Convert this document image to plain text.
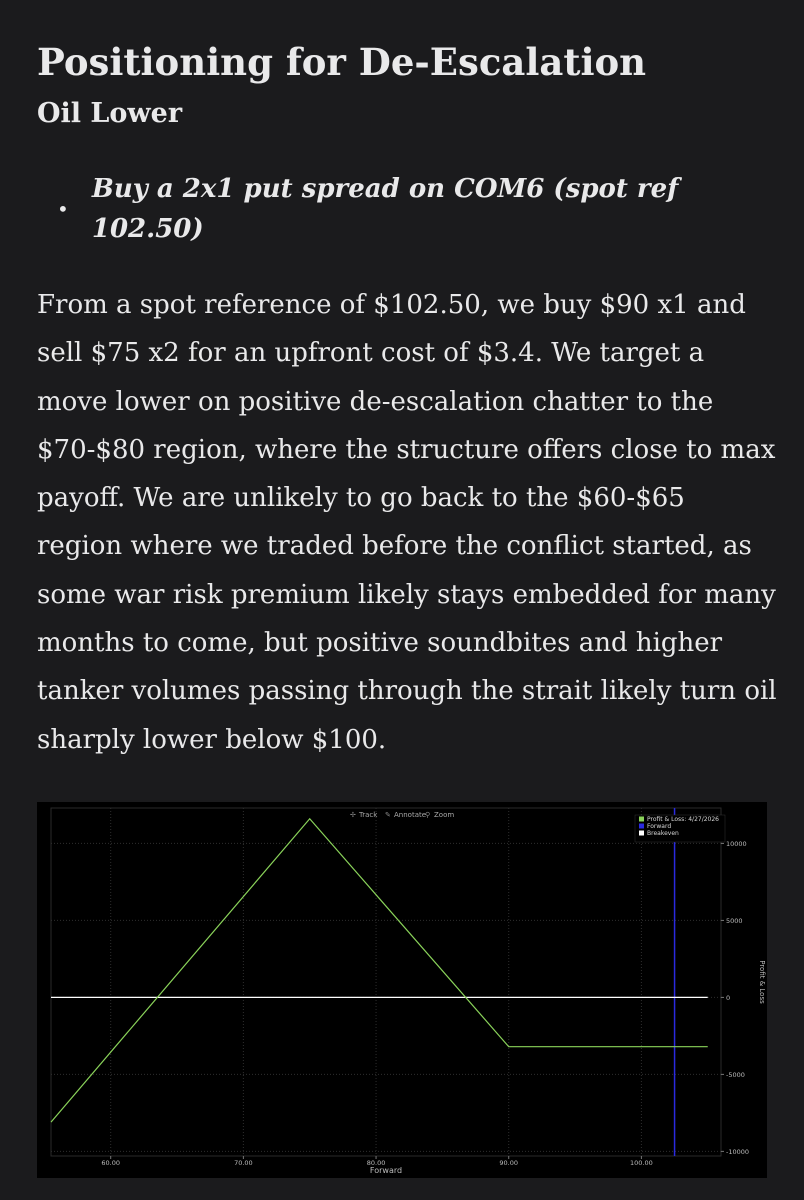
Positioning for De-Escalation
Oil Lower
•
Buy a 2x1 put spread on COM6 (spot ref 102.50)

From a spot reference of $102.50, we buy $90 x1 and sell $75 x2 for an upfront cost of $3.4. We target a move lower on positive de-escalation chatter to the $70-$80 region, where the structure offers close to max payoff. We are unlikely to go back to the $60-$65 region where we traded before the conflict started, as some war risk premium likely stays embedded for many months to come, but positive soundbites and higher tanker volumes passing through the strait likely turn oil sharply lower below $100.

✢ Track ✎ Annotate
⚲ Zoom
Profit & Loss: 4/27/2026
Forward
Breakeven
10000
5000
0
-5000
-10000
60.00	70.00	80.00	90.00	100.00
Profit & Loss
Forward
